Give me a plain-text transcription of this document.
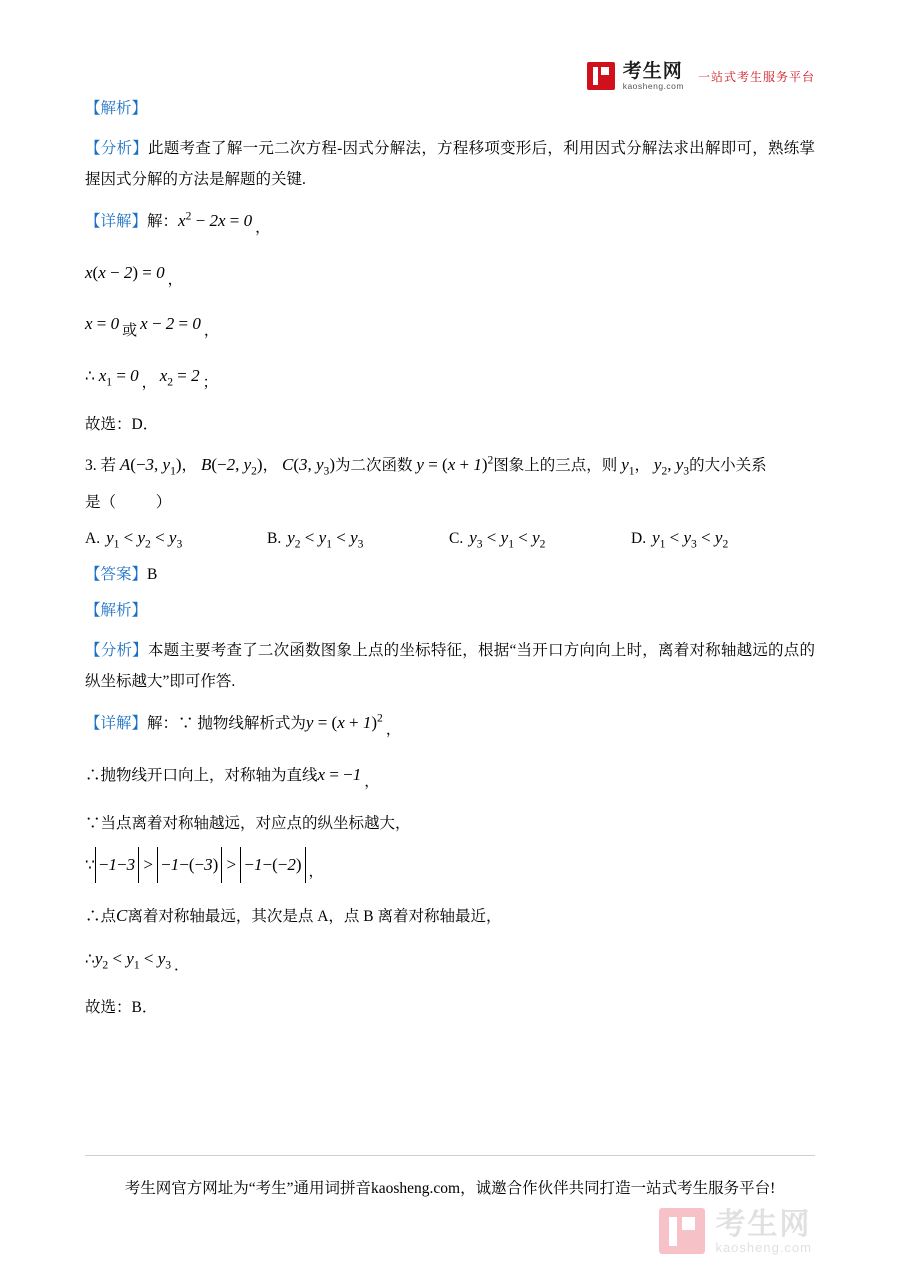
考生网
kaosheng.com
一站式考生服务平台

【解析】

【分析】此题考查了解一元二次方程-因式分解法，方程移项变形后，利用因式分解法求出解即可，熟练掌握因式分解的方法是解题的关键.

【详解】解：$x^2 - 2x = 0$ ，

x(x − 2) = 0 ，

x = 0 或 x − 2 = 0 ，

∴ $x_1 = 0$ ， $x_2 = 2$ ；

故选：D．

3. 若 A(−3, $y_1$)， B(−2, $y_2$)， C(3, $y_3$)为二次函数 $y = (x + 1)^2$图象上的三点，则 $y_1$， $y_2$, $y_3$的大小关系

是（	）

A. $y_1 < y_2 < y_3$	B. $y_2 < y_1 < y_3$	C. $y_3 < y_1 < y_2$	D. $y_1 < y_3 < y_2$

【答案】B

【解析】

【分析】本题主要考查了二次函数图象上点的坐标特征，根据“当开口方向向上时，离着对称轴越远的点的纵坐标越大”即可作答.

【详解】解：∵ 抛物线解析式为$y = (x + 1)^2$，

∴抛物线开口向上，对称轴为直线x = −1 ，

∵当点离着对称轴越远，对应点的纵坐标越大，

∵ −1−3 > −1−(−3) > −1−(−2) ，

∴点C离着对称轴最远，其次是点 A，点 B 离着对称轴最近，

$\therefore y_2 < y_1 < y_3$ ．

故选：B．

考生网官方网址为“考生”通用词拼音kaosheng.com，诚邀合作伙伴共同打造一站式考生服务平台!
考生网
kaosheng.com
